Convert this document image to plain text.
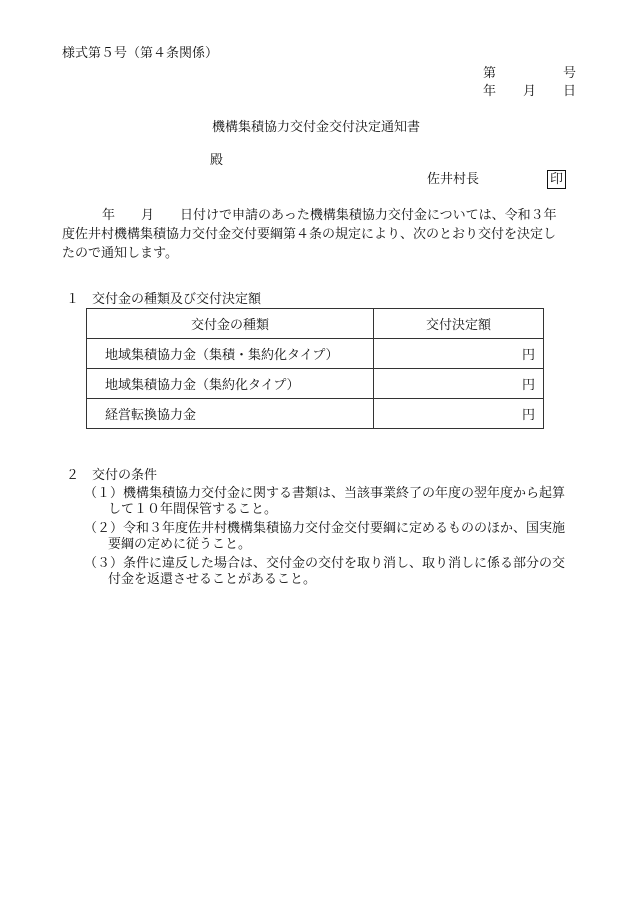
様式第５号（第４条関係）
第	号
年 月 日
機構集積協力交付金交付決定通知書
殿
佐井村長	印
年　　月　　日付けで申請のあった機構集積協力交付金については、令和３年
度佐井村機構集積協力交付金交付要綱第４条の規定により、次のとおり交付を決定し
たので通知します。
１　交付金の種類及び交付決定額
交付金の種類	交付決定額
地域集積協力金（集積・集約化タイプ）	円
地域集積協力金（集約化タイプ）	円
経営転換協力金	円
２　交付の条件
（１）機構集積協力交付金に関する書類は、当該事業終了の年度の翌年度から起算
して１０年間保管すること。
（２）令和３年度佐井村機構集積協力交付金交付要綱に定めるもののほか、国実施
要綱の定めに従うこと。
（３）条件に違反した場合は、交付金の交付を取り消し、取り消しに係る部分の交
付金を返還させることがあること。
